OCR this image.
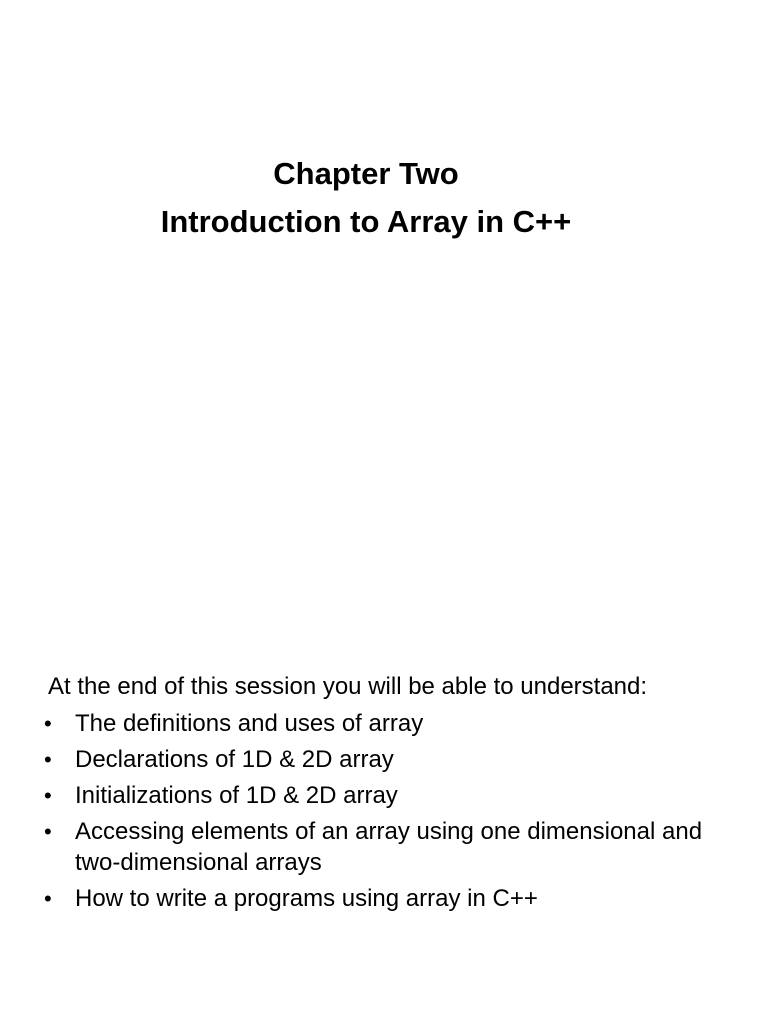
Chapter Two

Introduction to Array in C++

At the end of this session you will be able to understand:

• The definitions and uses of array
• Declarations of 1D & 2D array
• Initializations of 1D & 2D array
• Accessing elements of an array using one dimensional and two-dimensional arrays
• How to write a programs using array in C++
